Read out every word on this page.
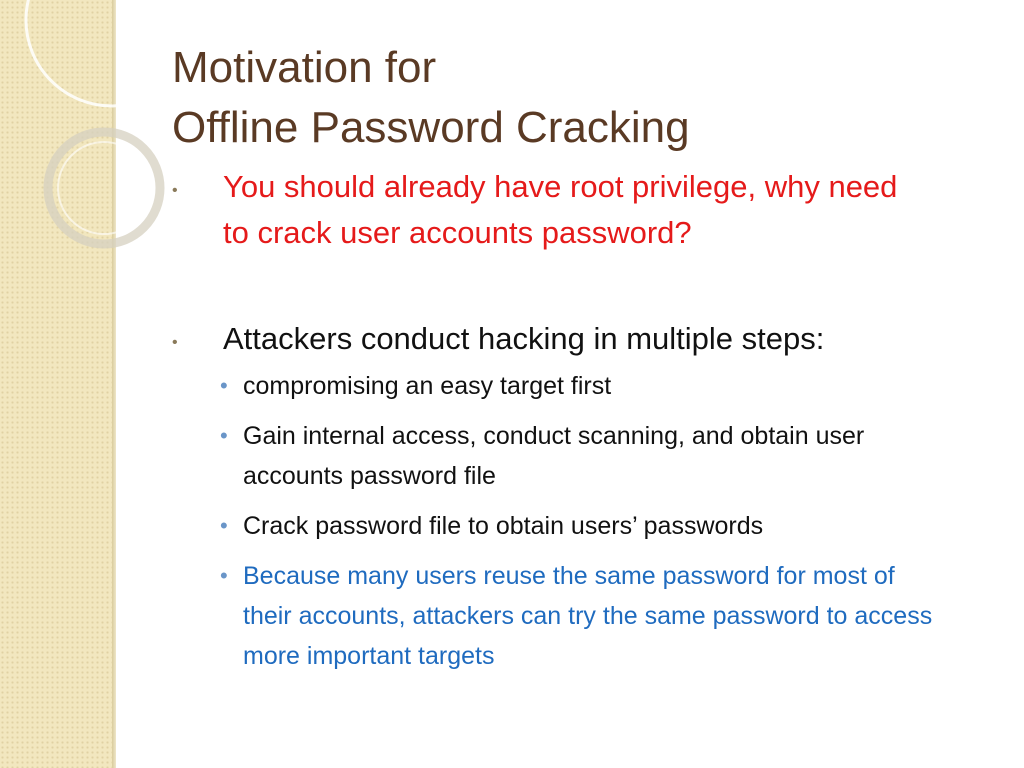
Motivation for
Offline Password Cracking
• You should already have root privilege, why need to crack user accounts password?
• Attackers conduct hacking in multiple steps:
• compromising an easy target first
• Gain internal access, conduct scanning, and obtain user accounts password file
• Crack password file to obtain users’ passwords
• Because many users reuse the same password for most of their accounts, attackers can try the same password to access more important targets
